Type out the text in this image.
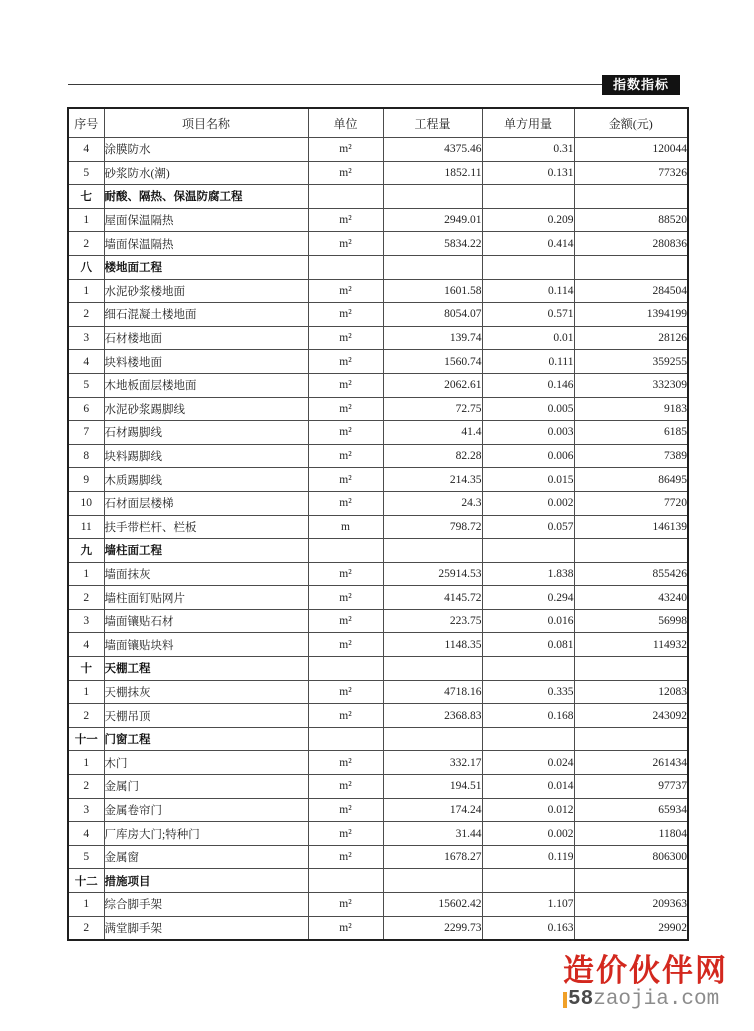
指数指标
序号	项目名称	单位	工程量	单方用量	金额(元)
4	涂膜防水	m²	4375.46	0.31	120044
5	砂浆防水(潮)	m²	1852.11	0.131	77326
七	耐酸、隔热、保温防腐工程				
1	屋面保温隔热	m²	2949.01	0.209	88520
2	墙面保温隔热	m²	5834.22	0.414	280836
八	楼地面工程				
1	水泥砂浆楼地面	m²	1601.58	0.114	284504
2	细石混凝土楼地面	m²	8054.07	0.571	1394199
3	石材楼地面	m²	139.74	0.01	28126
4	块料楼地面	m²	1560.74	0.111	359255
5	木地板面层楼地面	m²	2062.61	0.146	332309
6	水泥砂浆踢脚线	m²	72.75	0.005	9183
7	石材踢脚线	m²	41.4	0.003	6185
8	块料踢脚线	m²	82.28	0.006	7389
9	木质踢脚线	m²	214.35	0.015	86495
10	石材面层楼梯	m²	24.3	0.002	7720
11	扶手带栏杆、栏板	m	798.72	0.057	146139
九	墙柱面工程				
1	墙面抹灰	m²	25914.53	1.838	855426
2	墙柱面钉贴网片	m²	4145.72	0.294	43240
3	墙面镶贴石材	m²	223.75	0.016	56998
4	墙面镶贴块料	m²	1148.35	0.081	114932
十	天棚工程				
1	天棚抹灰	m²	4718.16	0.335	12083
2	天棚吊顶	m²	2368.83	0.168	243092
十一	门窗工程				
1	木门	m²	332.17	0.024	261434
2	金属门	m²	194.51	0.014	97737
3	金属卷帘门	m²	174.24	0.012	65934
4	厂库房大门;特种门	m²	31.44	0.002	11804
5	金属窗	m²	1678.27	0.119	806300
十二	措施项目				
1	综合脚手架	m²	15602.42	1.107	209363
2	满堂脚手架	m²	2299.73	0.163	29902
造价伙伴网
58 zaojia.com
